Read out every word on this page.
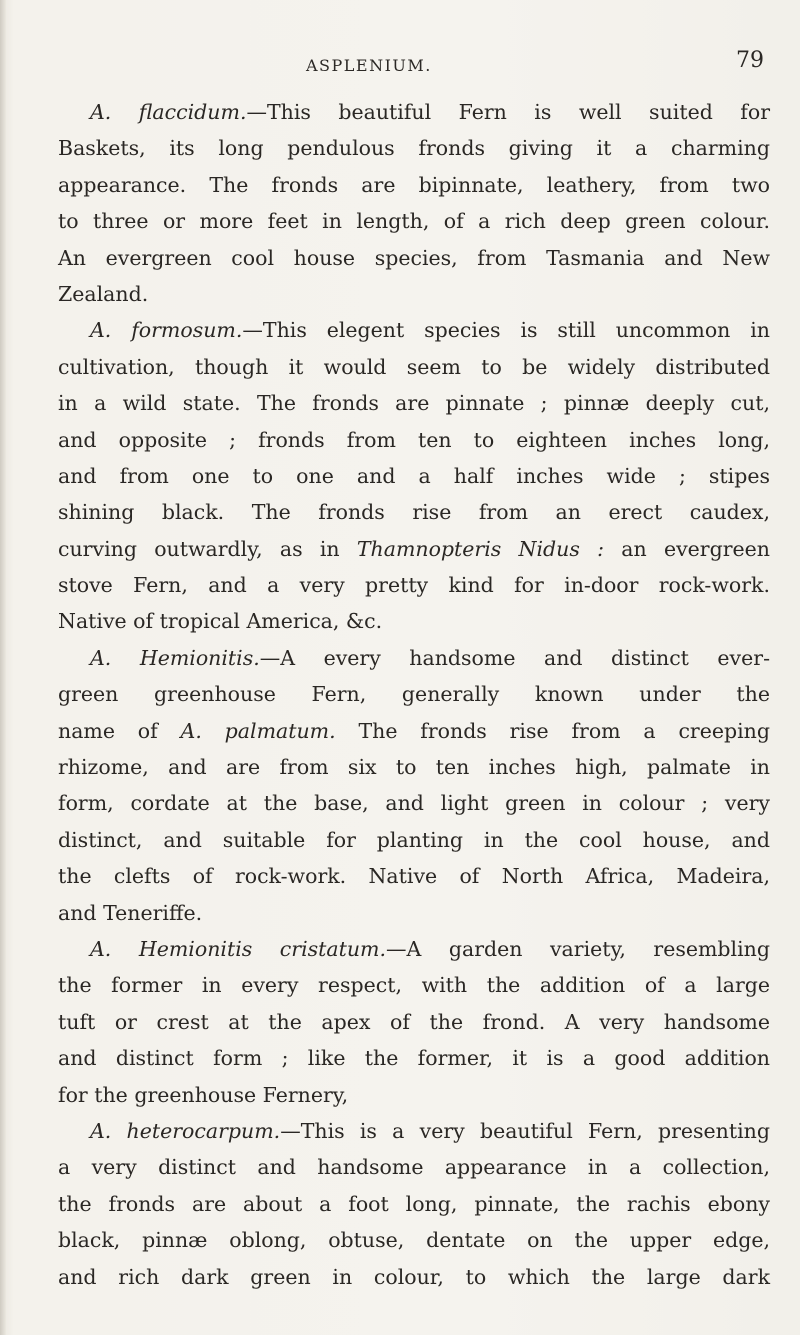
ASPLENIUM.	79
A. flaccidum.—This beautiful Fern is well suited for
Baskets, its long pendulous fronds giving it a charming
appearance. The fronds are bipinnate, leathery, from two
to three or more feet in length, of a rich deep green colour.
An evergreen cool house species, from Tasmania and New
Zealand.
A. formosum.—This elegent species is still uncommon in
cultivation, though it would seem to be widely distributed
in a wild state. The fronds are pinnate ; pinnæ deeply cut,
and opposite ; fronds from ten to eighteen inches long,
and from one to one and a half inches wide ; stipes
shining black. The fronds rise from an erect caudex,
curving outwardly, as in Thamnopteris Nidus : an evergreen
stove Fern, and a very pretty kind for in-door rock-work.
Native of tropical America, &c.
A. Hemionitis.—A every handsome and distinct ever-
green greenhouse Fern, generally known under the
name of A. palmatum. The fronds rise from a creeping
rhizome, and are from six to ten inches high, palmate in
form, cordate at the base, and light green in colour ; very
distinct, and suitable for planting in the cool house, and
the clefts of rock-work. Native of North Africa, Madeira,
and Teneriffe.
A. Hemionitis cristatum.—A garden variety, resembling
the former in every respect, with the addition of a large
tuft or crest at the apex of the frond. A very handsome
and distinct form ; like the former, it is a good addition
for the greenhouse Fernery,
A. heterocarpum.—This is a very beautiful Fern, presenting
a very distinct and handsome appearance in a collection,
the fronds are about a foot long, pinnate, the rachis ebony
black, pinnæ oblong, obtuse, dentate on the upper edge,
and rich dark green in colour, to which the large dark
